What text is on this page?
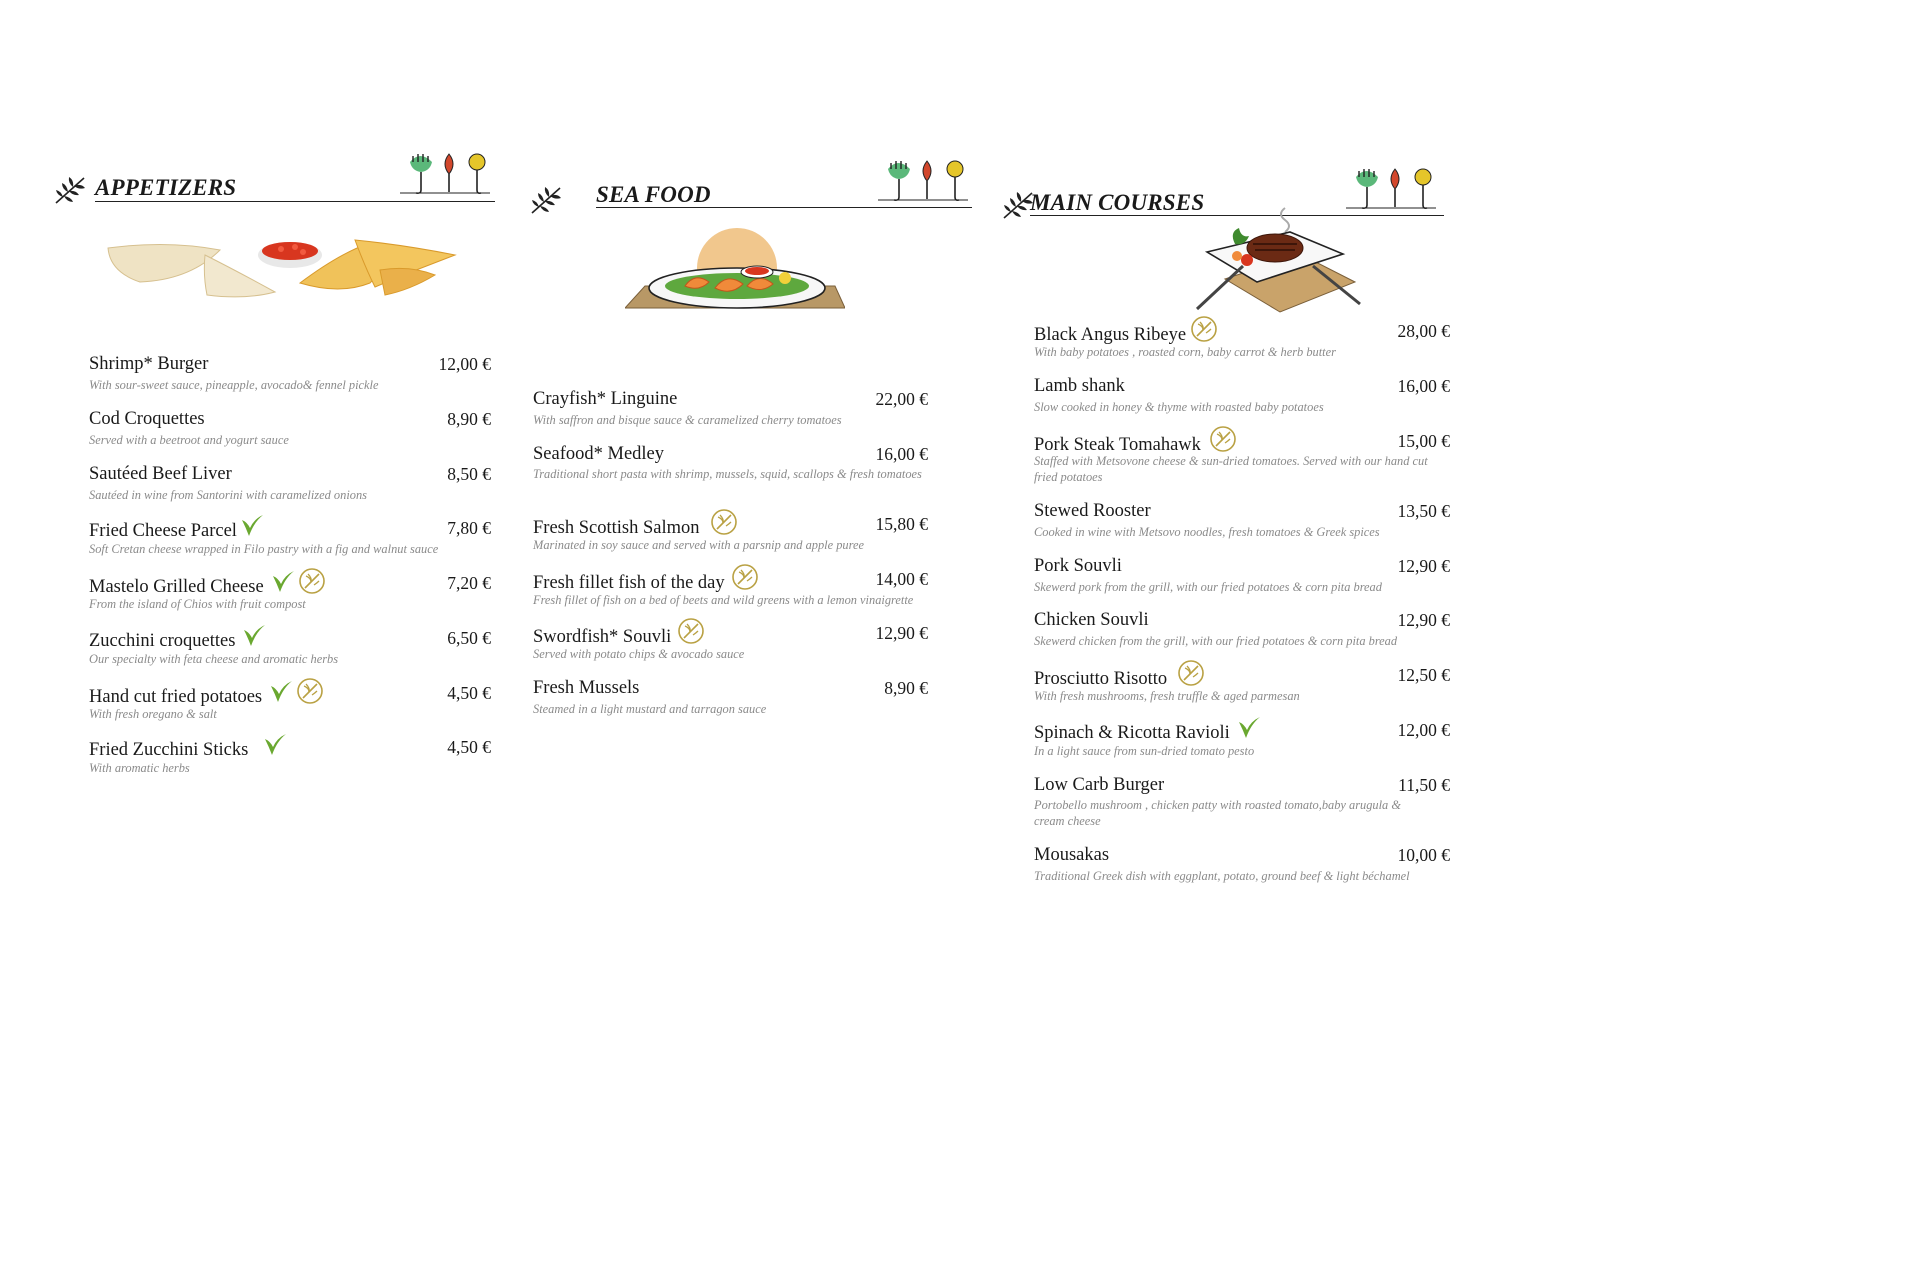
APPETIZERS
Shrimp* Burger	12,00 €
With sour-sweet sauce, pineapple, avocado& fennel pickle
Cod Croquettes	8,90 €
Served with a beetroot and yogurt sauce
Sautéed Beef Liver	8,50 €
Sautéed in wine from Santorini with caramelized onions
Fried Cheese Parcel	7,80 €
Soft Cretan cheese wrapped in Filo pastry with a fig and walnut sauce
Mastelo Grilled Cheese	7,20 €
From the island of Chios with fruit compost
Zucchini croquettes	6,50 €
Our specialty with feta cheese and aromatic herbs
Hand cut fried potatoes	4,50 €
With fresh oregano & salt
Fried Zucchini Sticks	4,50 €
With aromatic herbs
SEA FOOD
Crayfish* Linguine	22,00 €
With saffron and bisque sauce & caramelized cherry tomatoes
Seafood* Medley	16,00 €
Traditional short pasta with shrimp, mussels, squid, scallops & fresh tomatoes
Fresh Scottish Salmon	15,80 €
Marinated in soy sauce and served with a parsnip and apple puree
Fresh fillet fish of the day	14,00 €
Fresh fillet of fish on a bed of beets and wild greens with a lemon vinaigrette
Swordfish* Souvli	12,90 €
Served with potato chips & avocado sauce
Fresh Mussels	8,90 €
Steamed in a light mustard and tarragon sauce
MAIN COURSES
Black Angus Ribeye	28,00 €
With baby potatoes , roasted corn, baby carrot & herb butter
Lamb shank	16,00 €
Slow cooked in honey & thyme with roasted baby potatoes
Pork Steak Tomahawk	15,00 €
Staffed with Metsovone cheese & sun-dried tomatoes. Served with our hand cut fried potatoes
Stewed Rooster	13,50 €
Cooked in wine with Metsovo noodles, fresh tomatoes & Greek spices
Pork Souvli	12,90 €
Skewerd pork from the grill, with our fried potatoes & corn pita bread
Chicken Souvli	12,90 €
Skewerd chicken from the grill, with our fried potatoes & corn pita bread
Prosciutto Risotto	12,50 €
With fresh mushrooms, fresh truffle & aged parmesan
Spinach & Ricotta Ravioli	12,00 €
In a light sauce from sun-dried tomato pesto
Low Carb Burger	11,50 €
Portobello mushroom , chicken patty with roasted tomato,baby arugula & cream cheese
Mousakas	10,00 €
Traditional Greek dish with eggplant, potato, ground beef & light béchamel
